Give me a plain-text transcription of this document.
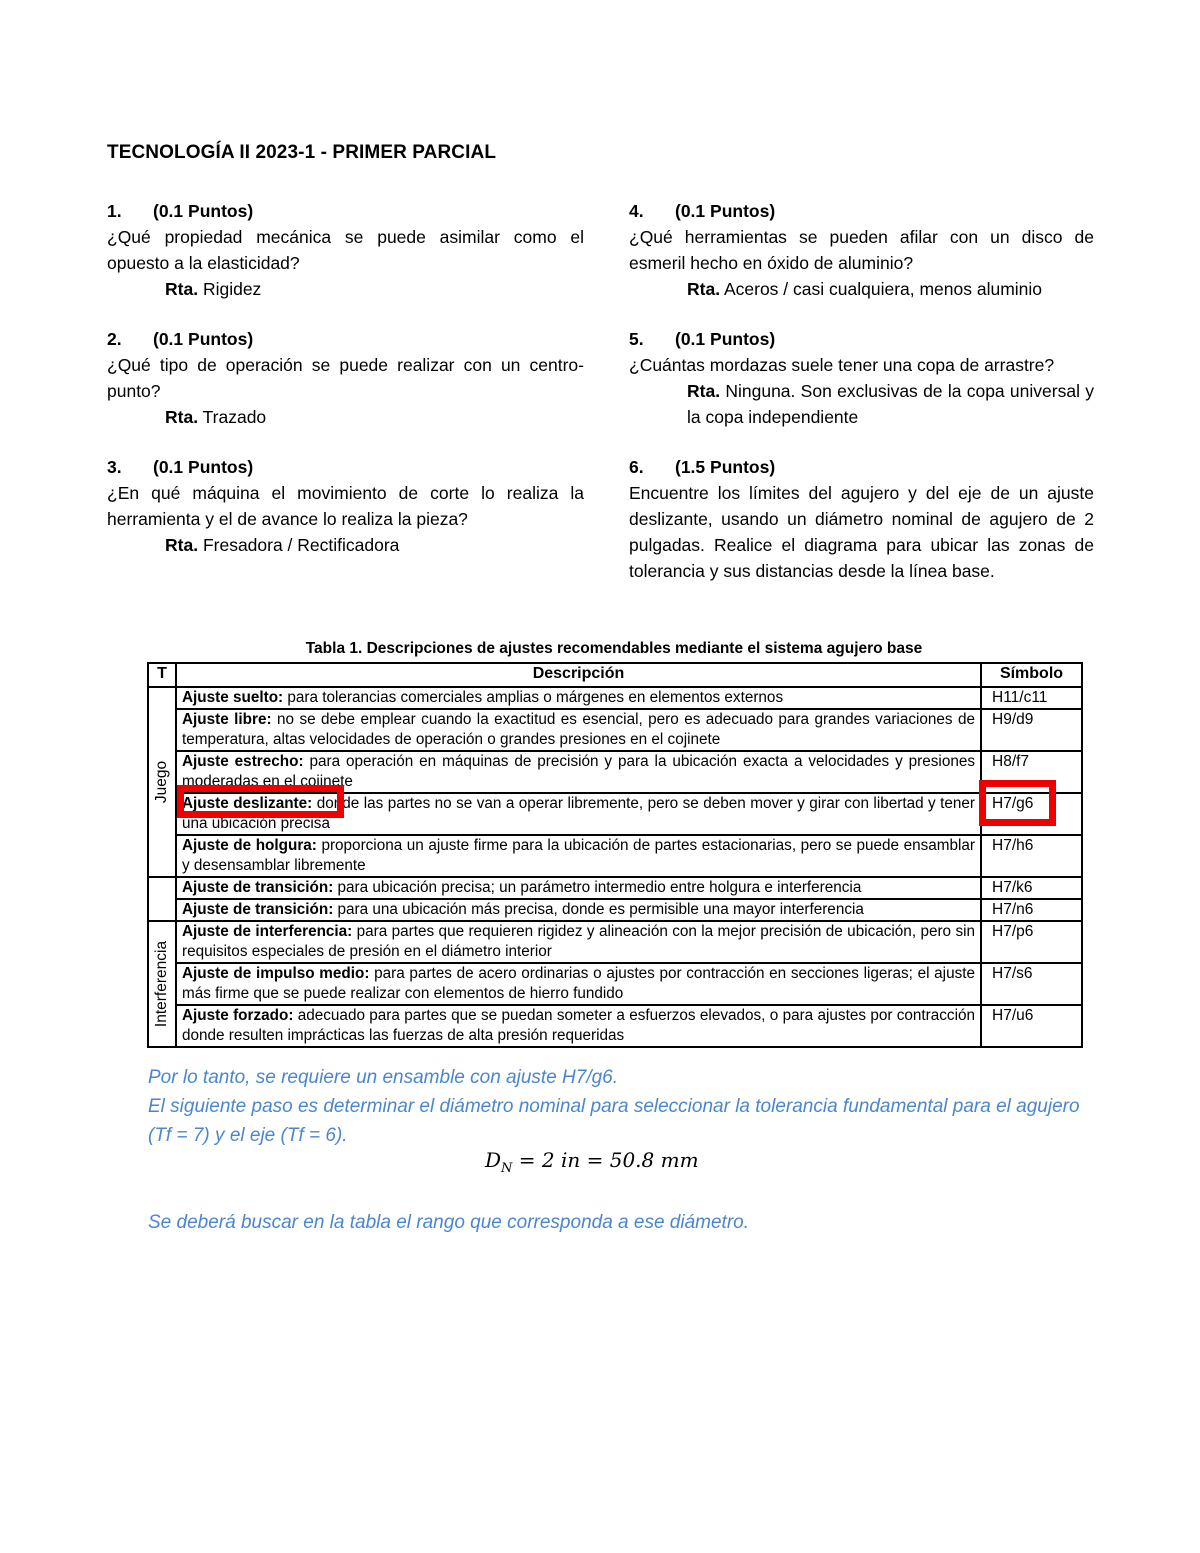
TECNOLOGÍA II 2023-1 - PRIMER PARCIAL
1.	(0.1 Puntos)
¿Qué propiedad mecánica se puede asimilar como el opuesto a la elasticidad?
Rta. Rigidez
2.	(0.1 Puntos)
¿Qué tipo de operación se puede realizar con un centro-punto?
Rta. Trazado
3.	(0.1 Puntos)
¿En qué máquina el movimiento de corte lo realiza la herramienta y el de avance lo realiza la pieza?
Rta. Fresadora / Rectificadora
4.	(0.1 Puntos)
¿Qué herramientas se pueden afilar con un disco de esmeril hecho en óxido de aluminio?
Rta. Aceros / casi cualquiera, menos aluminio
5.	(0.1 Puntos)
¿Cuántas mordazas suele tener una copa de arrastre?
Rta. Ninguna. Son exclusivas de la copa universal y la copa independiente
6.	(1.5 Puntos)
Encuentre los límites del agujero y del eje de un ajuste deslizante, usando un diámetro nominal de agujero de 2 pulgadas. Realice el diagrama para ubicar las zonas de tolerancia y sus distancias desde la línea base.
Tabla 1. Descripciones de ajustes recomendables mediante el sistema agujero base
T	Descripción	Símbolo

Juego	Ajuste suelto: para tolerancias comerciales amplias o márgenes en elementos externos	H11/c11
	Ajuste libre: no se debe emplear cuando la exactitud es esencial, pero es adecuado para grandes variaciones de temperatura, altas velocidades de operación o grandes presiones en el cojinete	H9/d9
	Ajuste estrecho: para operación en máquinas de precisión y para la ubicación exacta a velocidades y presiones moderadas en el cojinete	H8/f7
	Ajuste deslizante: donde las partes no se van a operar libremente, pero se deben mover y girar con libertad y tener una ubicación precisa	H7/g6
	Ajuste de holgura: proporciona un ajuste firme para la ubicación de partes estacionarias, pero se puede ensamblar y desensamblar libremente	H7/h6
	Ajuste de transición: para ubicación precisa; un parámetro intermedio entre holgura e interferencia	H7/k6
	Ajuste de transición: para una ubicación más precisa, donde es permisible una mayor interferencia	H7/n6

Interferencia	Ajuste de interferencia: para partes que requieren rigidez y alineación con la mejor precisión de ubicación, pero sin requisitos especiales de presión en el diámetro interior	H7/p6
	Ajuste de impulso medio: para partes de acero ordinarias o ajustes por contracción en secciones ligeras; el ajuste más firme que se puede realizar con elementos de hierro fundido	H7/s6
	Ajuste forzado: adecuado para partes que se puedan someter a esfuerzos elevados, o para ajustes por contracción donde resulten imprácticas las fuerzas de alta presión requeridas	H7/u6
Por lo tanto, se requiere un ensamble con ajuste H7/g6.
El siguiente paso es determinar el diámetro nominal para seleccionar la tolerancia fundamental para el agujero (Tf = 7) y el eje (Tf = 6).
$D_N = 2$ in = 50.8 mm
Se deberá buscar en la tabla el rango que corresponda a ese diámetro.
